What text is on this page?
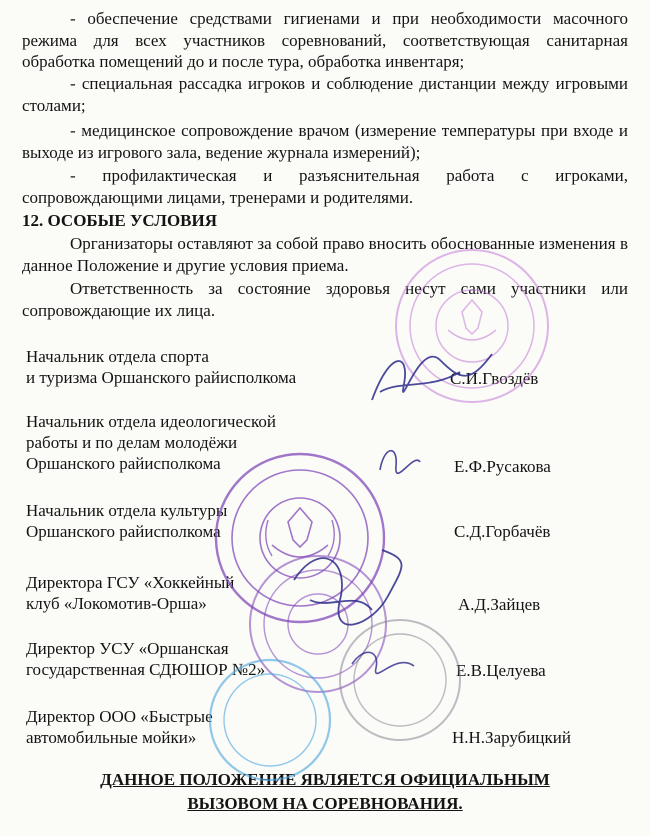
- обеспечение средствами гигиенами и при необходимости масочного режима для всех участников соревнований, соответствующая санитарная обработка помещений до и после тура, обработка инвентаря;
- специальная рассадка игроков и соблюдение дистанции между игровыми столами;
- медицинское сопровождение врачом (измерение температуры при входе и выходе из игрового зала, ведение журнала измерений);
- профилактическая и разъяснительная работа с игроками, сопровождающими лицами, тренерами и родителями.
12. ОСОБЫЕ УСЛОВИЯ
Организаторы оставляют за собой право вносить обоснованные изменения в данное Положение и другие условия приема.
Ответственность за состояние здоровья несут сами участники или сопровождающие их лица.
Начальник отдела спорта
и туризма Оршанского райисполкома	С.И.Гвоздёв
Начальник отдела идеологической
работы и по делам молодёжи
Оршанского райисполкома	Е.Ф.Русакова
Начальник отдела культуры
Оршанского райисполкома	С.Д.Горбачёв
Директора ГСУ «Хоккейный
клуб «Локомотив-Орша»	А.Д.Зайцев
Директор УСУ «Оршанская
государственная СДЮШОР №2»	Е.В.Целуева
Директор ООО «Быстрые
автомобильные мойки»	Н.Н.Зарубицкий
ДАННОЕ ПОЛОЖЕНИЕ ЯВЛЯЕТСЯ ОФИЦИАЛЬНЫМ
ВЫЗОВОМ НА СОРЕВНОВАНИЯ.
